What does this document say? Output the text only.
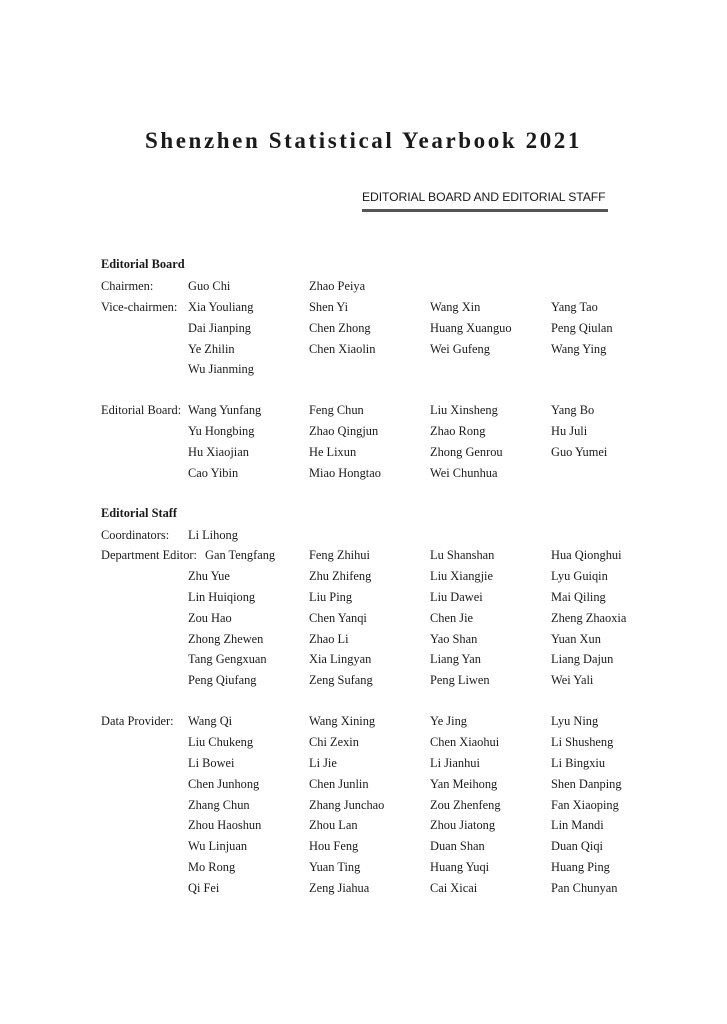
Shenzhen Statistical Yearbook 2021
EDITORIAL BOARD AND EDITORIAL STAFF
Editorial Board
Chairmen:	Guo Chi	Zhao Peiya
Vice-chairmen: Xia Youliang	Shen Yi	Wang Xin	Yang Tao
Dai Jianping	Chen Zhong	Huang Xuanguo	Peng Qiulan
Ye Zhilin	Chen Xiaolin	Wei Gufeng	Wang Ying
Wu Jianming
Editorial Board: Wang Yunfang	Feng Chun	Liu Xinsheng	Yang Bo
Yu Hongbing	Zhao Qingjun	Zhao Rong	Hu Juli
Hu Xiaojian	He Lixun	Zhong Genrou	Guo Yumei
Cao Yibin	Miao Hongtao	Wei Chunhua
Editorial Staff
Coordinators: Li Lihong
Department Editor: Gan Tengfang	Feng Zhihui	Lu Shanshan	Hua Qionghui
Zhu Yue	Zhu Zhifeng	Liu Xiangjie	Lyu Guiqin
Lin Huiqiong	Liu Ping	Liu Dawei	Mai Qiling
Zou Hao	Chen Yanqi	Chen Jie	Zheng Zhaoxia
Zhong Zhewen	Zhao Li	Yao Shan	Yuan Xun
Tang Gengxuan	Xia Lingyan	Liang Yan	Liang Dajun
Peng Qiufang	Zeng Sufang	Peng Liwen	Wei Yali
Data Provider: Wang Qi	Wang Xining	Ye Jing	Lyu Ning
Liu Chukeng	Chi Zexin	Chen Xiaohui	Li Shusheng
Li Bowei	Li Jie	Li Jianhui	Li Bingxiu
Chen Junhong	Chen Junlin	Yan Meihong	Shen Danping
Zhang Chun	Zhang Junchao	Zou Zhenfeng	Fan Xiaoping
Zhou Haoshun	Zhou Lan	Zhou Jiatong	Lin Mandi
Wu Linjuan	Hou Feng	Duan Shan	Duan Qiqi
Mo Rong	Yuan Ting	Huang Yuqi	Huang Ping
Qi Fei	Zeng Jiahua	Cai Xicai	Pan Chunyan
